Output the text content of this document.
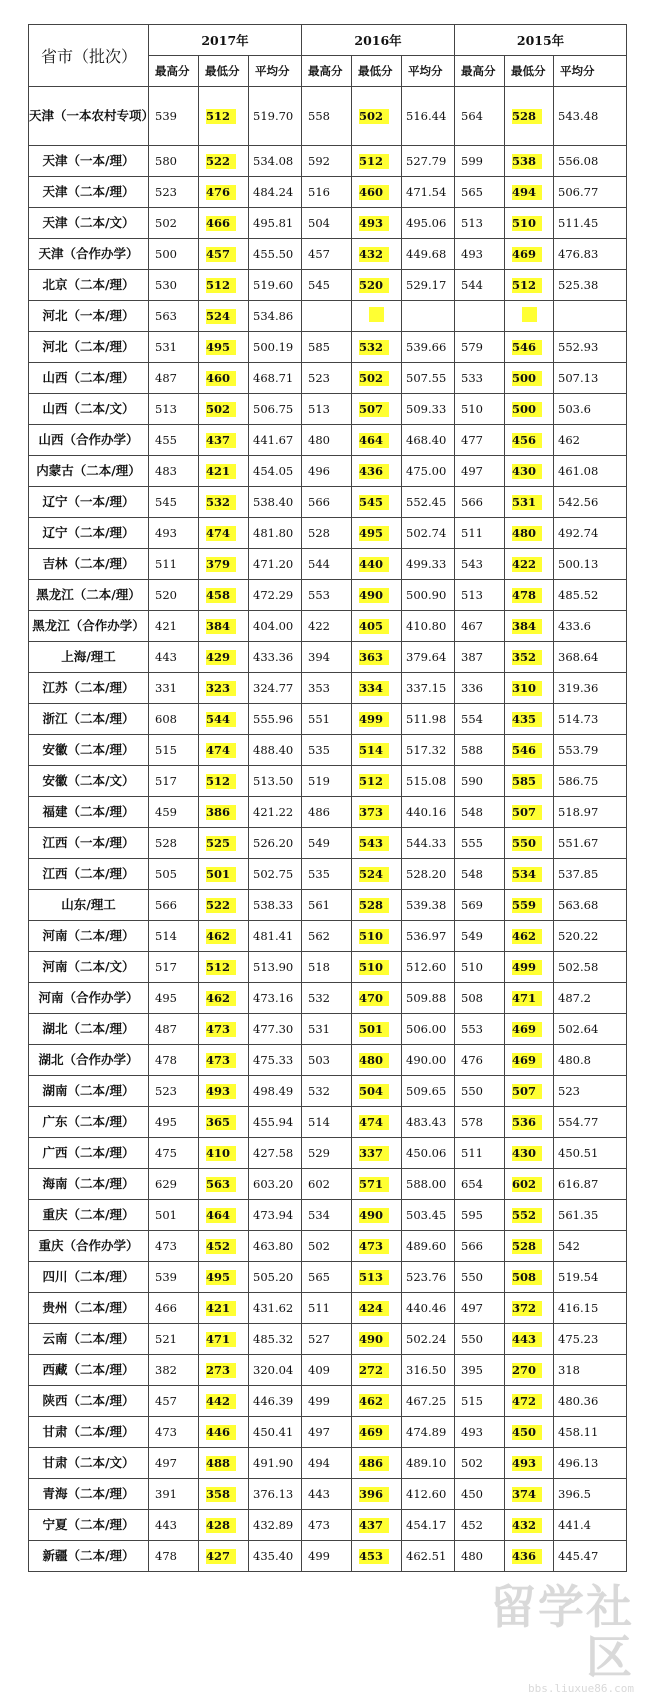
省市（批次）	2017年			2016年			2015年		
	最高分	最低分	平均分	最高分	最低分	平均分	最高分	最低分	平均分
天津（一本农村专项）	539	512	519.70	558	502	516.44	564	528	543.48
天津（一本/理）	580	522	534.08	592	512	527.79	599	538	556.08
天津（二本/理）	523	476	484.24	516	460	471.54	565	494	506.77
天津（二本/文）	502	466	495.81	504	493	495.06	513	510	511.45
天津（合作办学）	500	457	455.50	457	432	449.68	493	469	476.83
北京（二本/理）	530	512	519.60	545	520	529.17	544	512	525.38
河北（一本/理）	563	524	534.86						
河北（二本/理）	531	495	500.19	585	532	539.66	579	546	552.93
山西（二本/理）	487	460	468.71	523	502	507.55	533	500	507.13
山西（二本/文）	513	502	506.75	513	507	509.33	510	500	503.6
山西（合作办学）	455	437	441.67	480	464	468.40	477	456	462
内蒙古（二本/理）	483	421	454.05	496	436	475.00	497	430	461.08
辽宁（一本/理）	545	532	538.40	566	545	552.45	566	531	542.56
辽宁（二本/理）	493	474	481.80	528	495	502.74	511	480	492.74
吉林（二本/理）	511	379	471.20	544	440	499.33	543	422	500.13
黑龙江（二本/理）	520	458	472.29	553	490	500.90	513	478	485.52
黑龙江（合作办学）	421	384	404.00	422	405	410.80	467	384	433.6
上海/理工	443	429	433.36	394	363	379.64	387	352	368.64
江苏（二本/理）	331	323	324.77	353	334	337.15	336	310	319.36
浙江（二本/理）	608	544	555.96	551	499	511.98	554	435	514.73
安徽（二本/理）	515	474	488.40	535	514	517.32	588	546	553.79
安徽（二本/文）	517	512	513.50	519	512	515.08	590	585	586.75
福建（二本/理）	459	386	421.22	486	373	440.16	548	507	518.97
江西（一本/理）	528	525	526.20	549	543	544.33	555	550	551.67
江西（二本/理）	505	501	502.75	535	524	528.20	548	534	537.85
山东/理工	566	522	538.33	561	528	539.38	569	559	563.68
河南（二本/理）	514	462	481.41	562	510	536.97	549	462	520.22
河南（二本/文）	517	512	513.90	518	510	512.60	510	499	502.58
河南（合作办学）	495	462	473.16	532	470	509.88	508	471	487.2
湖北（二本/理）	487	473	477.30	531	501	506.00	553	469	502.64
湖北（合作办学）	478	473	475.33	503	480	490.00	476	469	480.8
湖南（二本/理）	523	493	498.49	532	504	509.65	550	507	523
广东（二本/理）	495	365	455.94	514	474	483.43	578	536	554.77
广西（二本/理）	475	410	427.58	529	337	450.06	511	430	450.51
海南（二本/理）	629	563	603.20	602	571	588.00	654	602	616.87
重庆（二本/理）	501	464	473.94	534	490	503.45	595	552	561.35
重庆（合作办学）	473	452	463.80	502	473	489.60	566	528	542
四川（二本/理）	539	495	505.20	565	513	523.76	550	508	519.54
贵州（二本/理）	466	421	431.62	511	424	440.46	497	372	416.15
云南（二本/理）	521	471	485.32	527	490	502.24	550	443	475.23
西藏（二本/理）	382	273	320.04	409	272	316.50	395	270	318
陕西（二本/理）	457	442	446.39	499	462	467.25	515	472	480.36
甘肃（二本/理）	473	446	450.41	497	469	474.89	493	450	458.11
甘肃（二本/文）	497	488	491.90	494	486	489.10	502	493	496.13
青海（二本/理）	391	358	376.13	443	396	412.60	450	374	396.5
宁夏（二本/理）	443	428	432.89	473	437	454.17	452	432	441.4
新疆（二本/理）	478	427	435.40	499	453	462.51	480	436	445.47
留学社区
bbs.liuxue86.com
